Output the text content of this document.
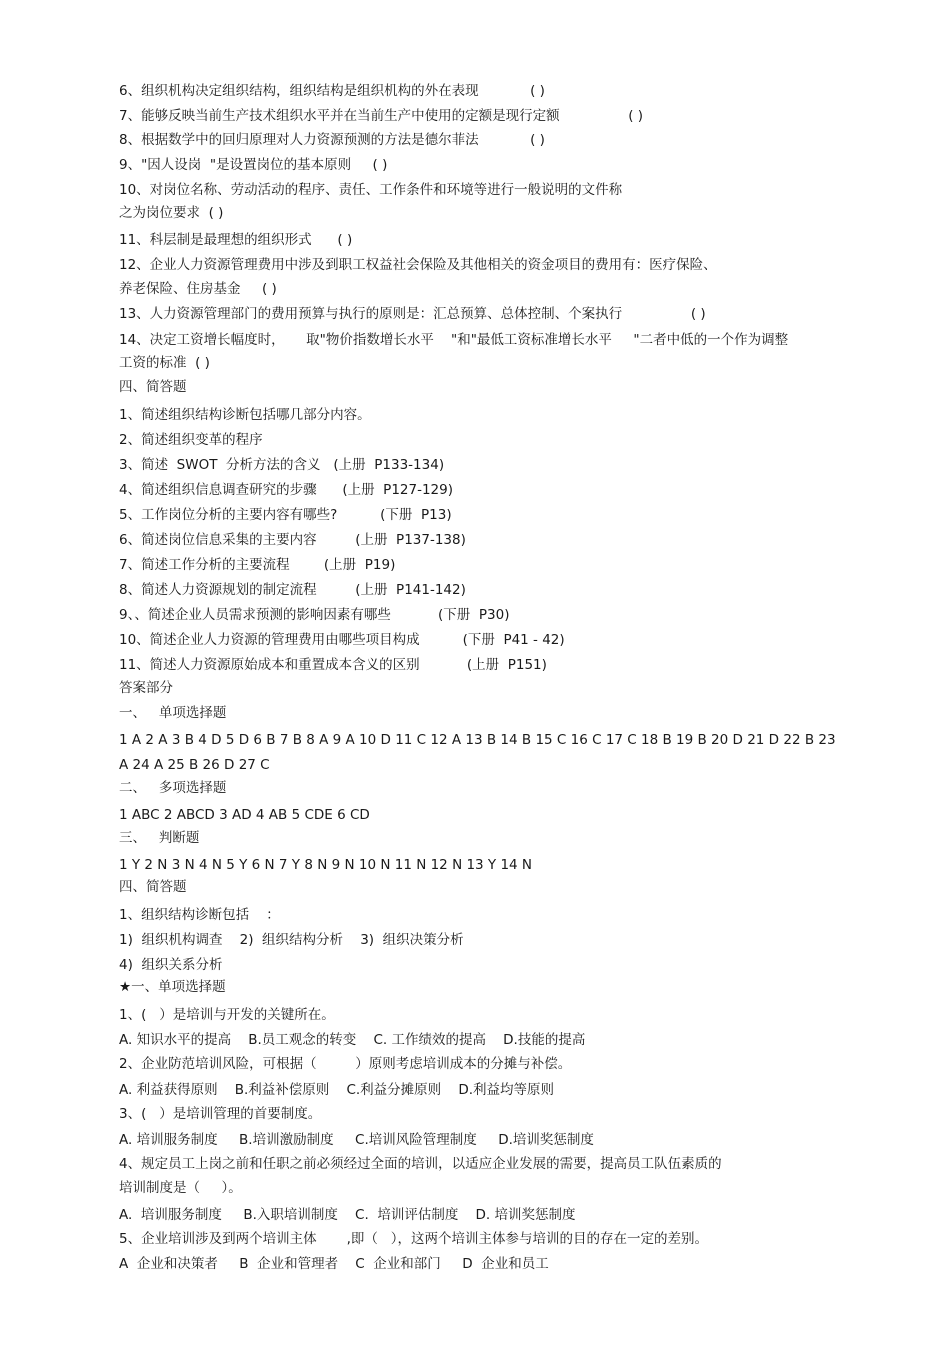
6、组织机构决定组织结构，组织结构是组织机构的外在表现            ( )
7、能够反映当前生产技术组织水平并在当前生产中使用的定额是现行定额                ( )
8、根据数学中的回归原理对人力资源预测的方法是德尔菲法            ( )
9、"因人设岗  "是设置岗位的基本原则     ( )
10、对岗位名称、劳动活动的程序、责任、工作条件和环境等进行一般说明的文件称
之为岗位要求  ( )
11、科层制是最理想的组织形式      ( )
12、企业人力资源管理费用中涉及到职工权益社会保险及其他相关的资金项目的费用有：医疗保险、
养老保险、住房基金     ( )
13、人力资源管理部门的费用预算与执行的原则是：汇总预算、总体控制、个案执行                ( )
14、决定工资增长幅度时，     取"物价指数增长水平    "和"最低工资标准增长水平     "二者中低的一个作为调整
工资的标准  ( )
四、简答题
1、简述组织结构诊断包括哪几部分内容。
2、简述组织变革的程序
3、简述  SWOT  分析方法的含义   (上册  P133-134)
4、简述组织信息调查研究的步骤      (上册  P127-129)
5、工作岗位分析的主要内容有哪些?          (下册  P13)
6、简述岗位信息采集的主要内容         (上册  P137-138)
7、简述工作分析的主要流程        (上册  P19)
8、简述人力资源规划的制定流程         (上册  P141-142)
9、、简述企业人员需求预测的影响因素有哪些           (下册  P30)
10、简述企业人力资源的管理费用由哪些项目构成          (下册  P41 - 42)
11、简述人力资源原始成本和重置成本含义的区别           (上册  P151)
答案部分
一、   单项选择题
1 A 2 A 3 B 4 D 5 D 6 B 7 B 8 A 9 A 10 D 11 C 12 A 13 B 14 B 15 C 16 C 17 C 18 B 19 B 20 D 21 D 22 B 23
A 24 A 25 B 26 D 27 C
二、   多项选择题
1 ABC 2 ABCD 3 AD 4 AB 5 CDE 6 CD
三、   判断题
1 Y 2 N 3 N 4 N 5 Y 6 N 7 Y 8 N 9 N 10 N 11 N 12 N 13 Y 14 N
四、简答题
1、组织结构诊断包括    ：
1)  组织机构调查    2)  组织结构分析    3)  组织决策分析
4)  组织关系分析
★一、单项选择题
1、(   ）是培训与开发的关键所在。
A. 知识水平的提高    B.员工观念的转变    C. 工作绩效的提高    D.技能的提高
2、企业防范培训风险，可根据（         ）原则考虑培训成本的分摊与补偿。
A. 利益获得原则    B.利益补偿原则    C.利益分摊原则    D.利益均等原则
3、(   ）是培训管理的首要制度。
A. 培训服务制度     B.培训激励制度     C.培训风险管理制度     D.培训奖惩制度
4、规定员工上岗之前和任职之前必须经过全面的培训，以适应企业发展的需要，提高员工队伍素质的
培训制度是（     ）。
A.  培训服务制度     B.入职培训制度    C.  培训评估制度    D. 培训奖惩制度
5、企业培训涉及到两个培训主体       ,即（   ），这两个培训主体参与培训的目的存在一定的差别。
A  企业和决策者     B  企业和管理者    C  企业和部门     D  企业和员工
